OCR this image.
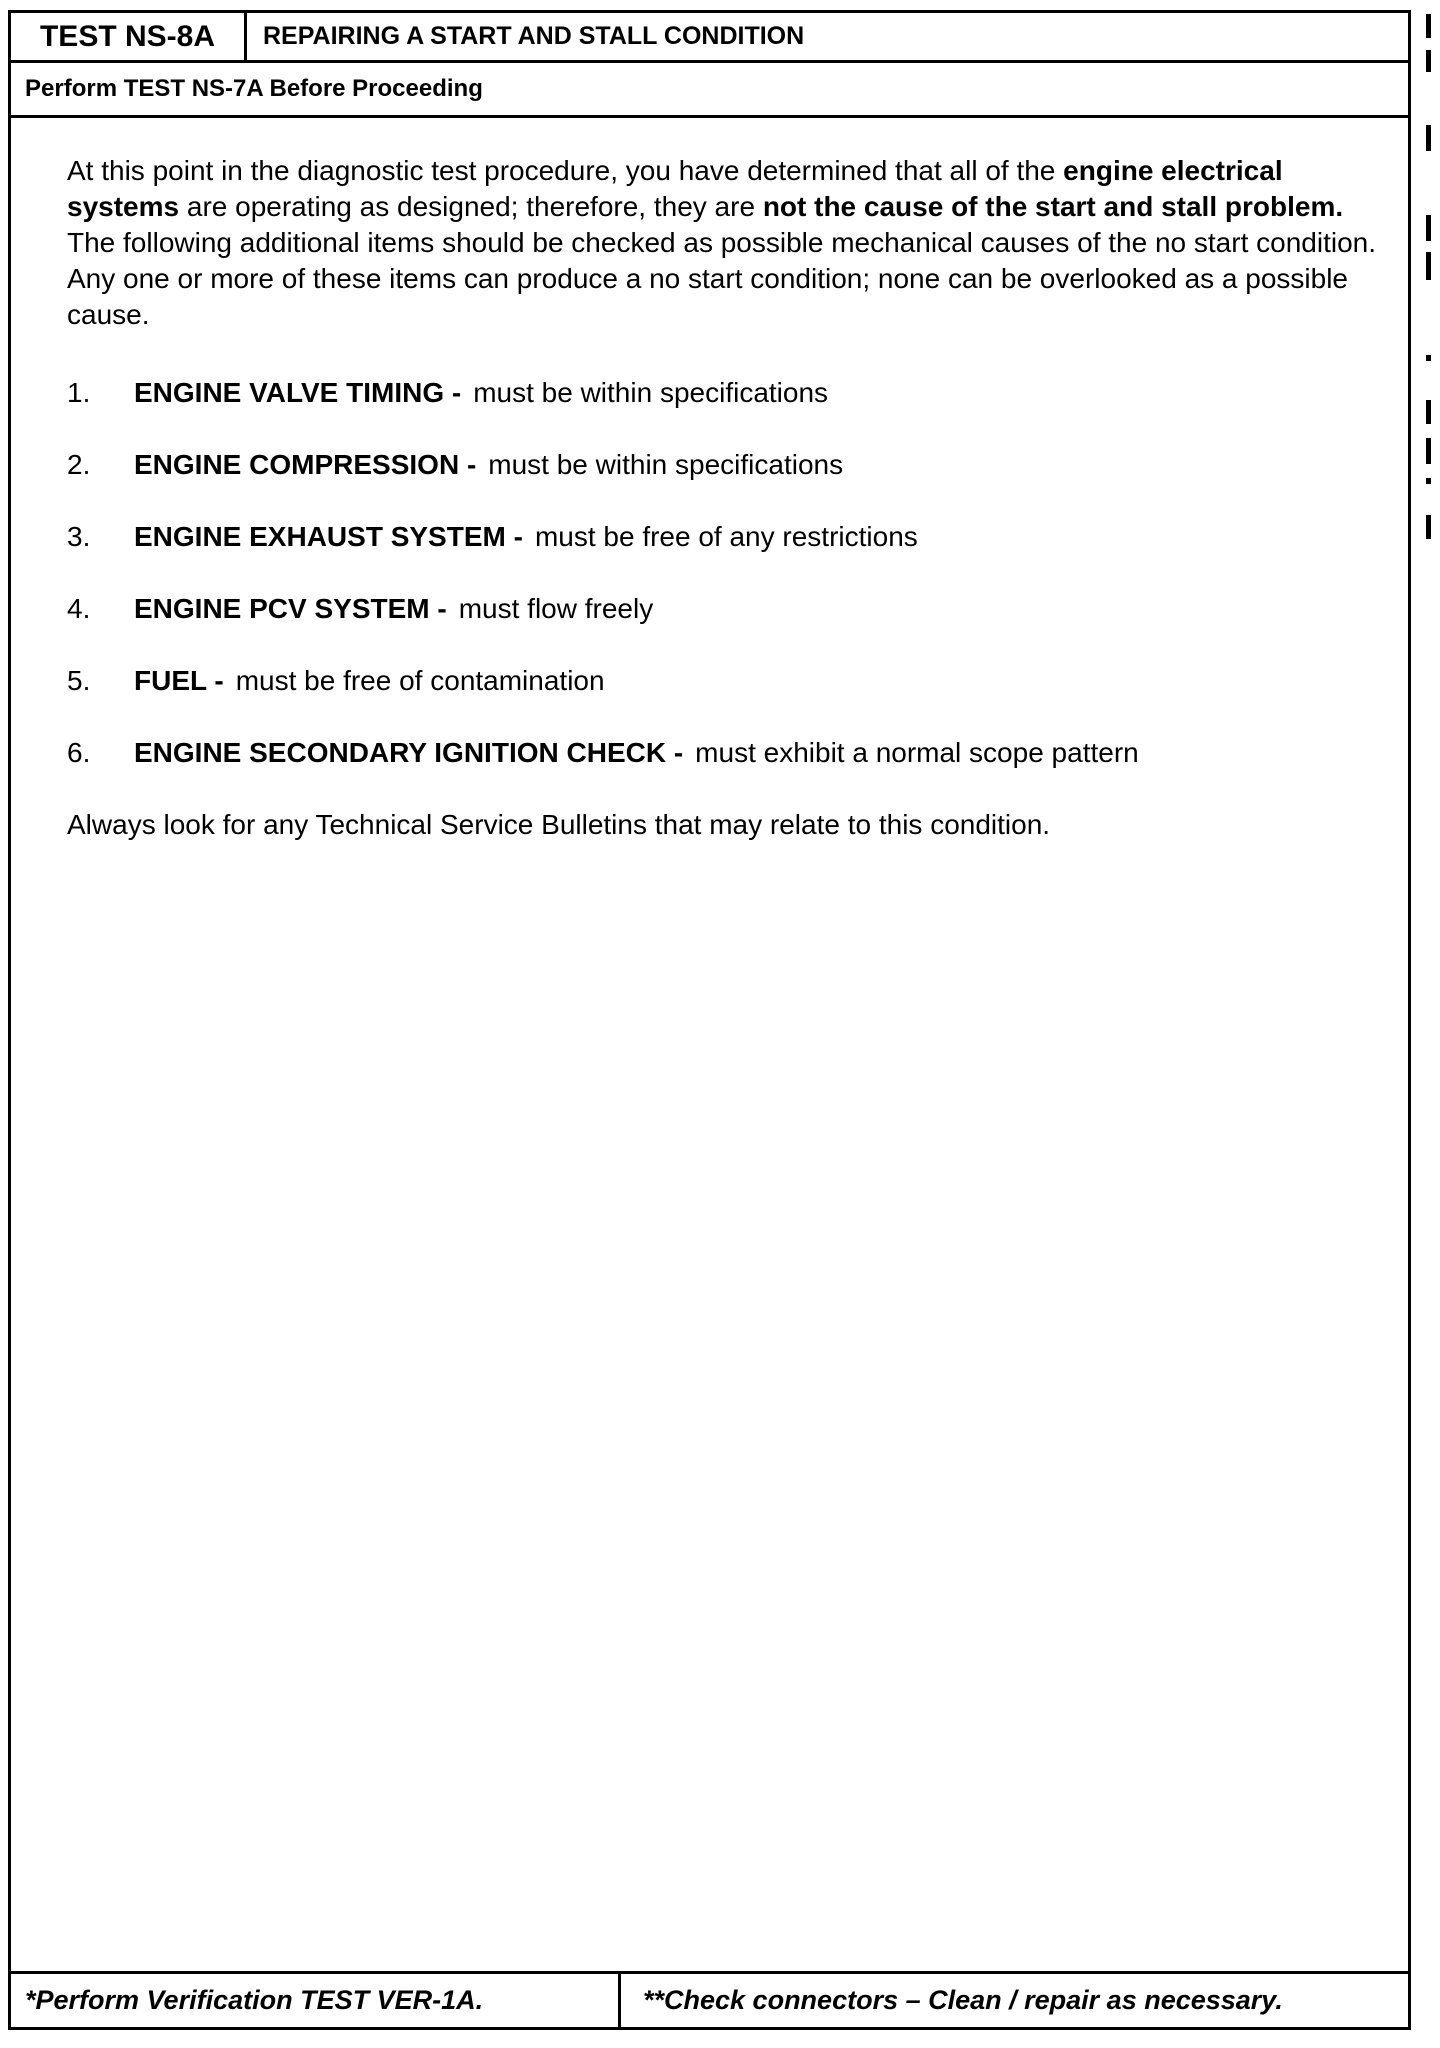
TEST NS-8A	REPAIRING A START AND STALL CONDITION
Perform TEST NS-7A Before Proceeding

At this point in the diagnostic test procedure, you have determined that all of the engine electrical systems are operating as designed; therefore, they are not the cause of the start and stall problem. The following additional items should be checked as possible mechanical causes of the no start condition. Any one or more of these items can produce a no start condition; none can be overlooked as a possible cause.

1.	ENGINE VALVE TIMING - must be within specifications
2.	ENGINE COMPRESSION - must be within specifications
3.	ENGINE EXHAUST SYSTEM - must be free of any restrictions
4.	ENGINE PCV SYSTEM - must flow freely
5.	FUEL - must be free of contamination
6.	ENGINE SECONDARY IGNITION CHECK - must exhibit a normal scope pattern

Always look for any Technical Service Bulletins that may relate to this condition.

*Perform Verification TEST VER-1A.	**Check connectors – Clean / repair as necessary.
